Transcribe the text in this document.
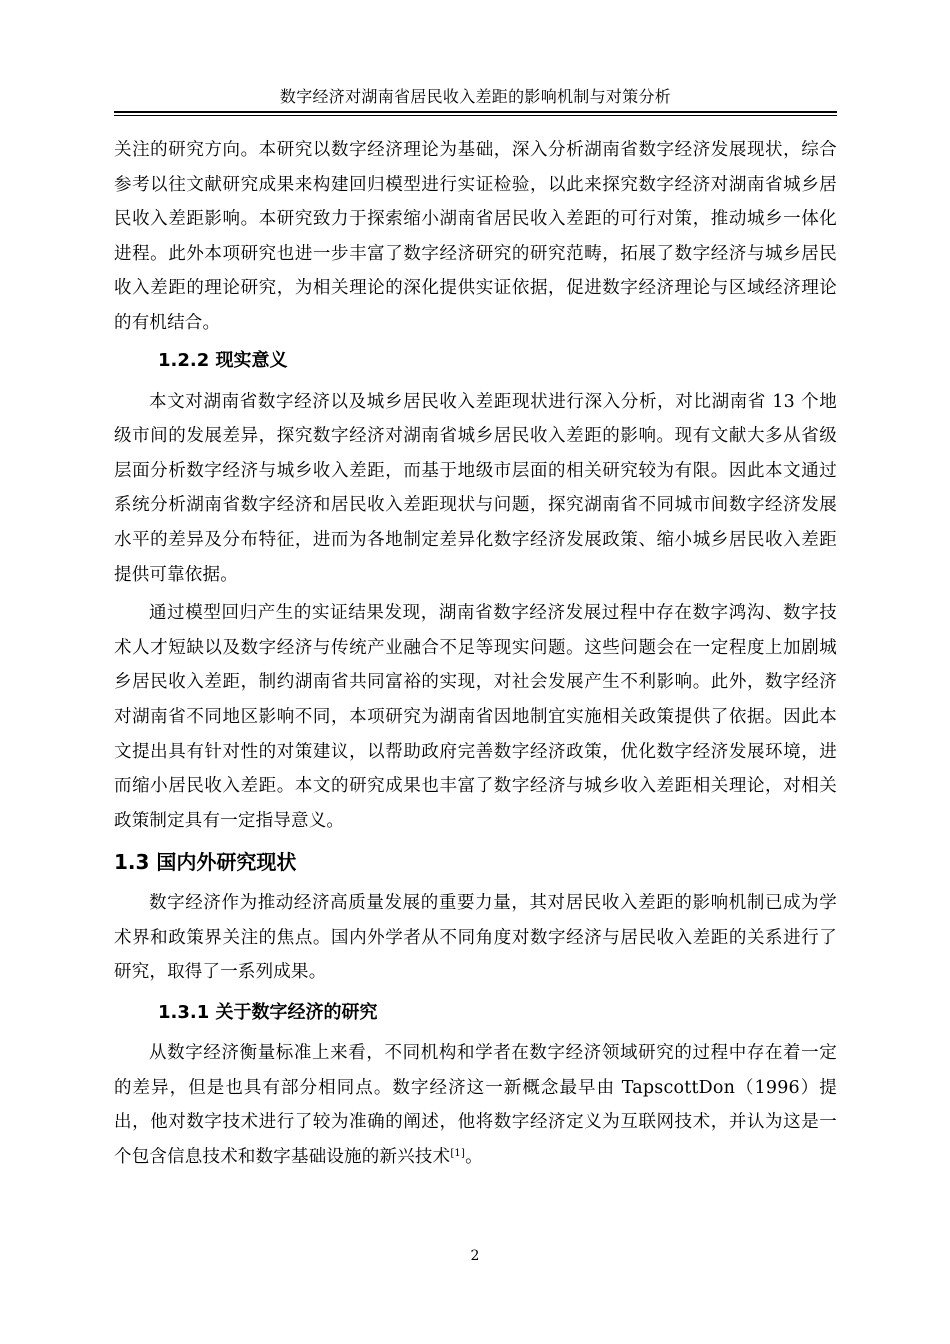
数字经济对湖南省居民收入差距的影响机制与对策分析

关注的研究方向。本研究以数字经济理论为基础，深入分析湖南省数字经济发展现状，综合参考以往文献研究成果来构建回归模型进行实证检验，以此来探究数字经济对湖南省城乡居民收入差距影响。本研究致力于探索缩小湖南省居民收入差距的可行对策，推动城乡一体化进程。此外本项研究也进一步丰富了数字经济研究的研究范畴，拓展了数字经济与城乡居民收入差距的理论研究，为相关理论的深化提供实证依据，促进数字经济理论与区域经济理论的有机结合。

1.2.2 现实意义

本文对湖南省数字经济以及城乡居民收入差距现状进行深入分析，对比湖南省 13 个地级市间的发展差异，探究数字经济对湖南省城乡居民收入差距的影响。现有文献大多从省级层面分析数字经济与城乡收入差距，而基于地级市层面的相关研究较为有限。因此本文通过系统分析湖南省数字经济和居民收入差距现状与问题，探究湖南省不同城市间数字经济发展水平的差异及分布特征，进而为各地制定差异化数字经济发展政策、缩小城乡居民收入差距提供可靠依据。

通过模型回归产生的实证结果发现，湖南省数字经济发展过程中存在数字鸿沟、数字技术人才短缺以及数字经济与传统产业融合不足等现实问题。这些问题会在一定程度上加剧城乡居民收入差距，制约湖南省共同富裕的实现，对社会发展产生不利影响。此外，数字经济对湖南省不同地区影响不同，本项研究为湖南省因地制宜实施相关政策提供了依据。因此本文提出具有针对性的对策建议，以帮助政府完善数字经济政策，优化数字经济发展环境，进而缩小居民收入差距。本文的研究成果也丰富了数字经济与城乡收入差距相关理论，对相关政策制定具有一定指导意义。

1.3 国内外研究现状

数字经济作为推动经济高质量发展的重要力量，其对居民收入差距的影响机制已成为学术界和政策界关注的焦点。国内外学者从不同角度对数字经济与居民收入差距的关系进行了研究，取得了一系列成果。

1.3.1 关于数字经济的研究

从数字经济衡量标准上来看，不同机构和学者在数字经济领域研究的过程中存在着一定的差异，但是也具有部分相同点。数字经济这一新概念最早由 TapscottDon（1996）提出，他对数字技术进行了较为准确的阐述，他将数字经济定义为互联网技术，并认为这是一个包含信息技术和数字基础设施的新兴技术[1]。

2
